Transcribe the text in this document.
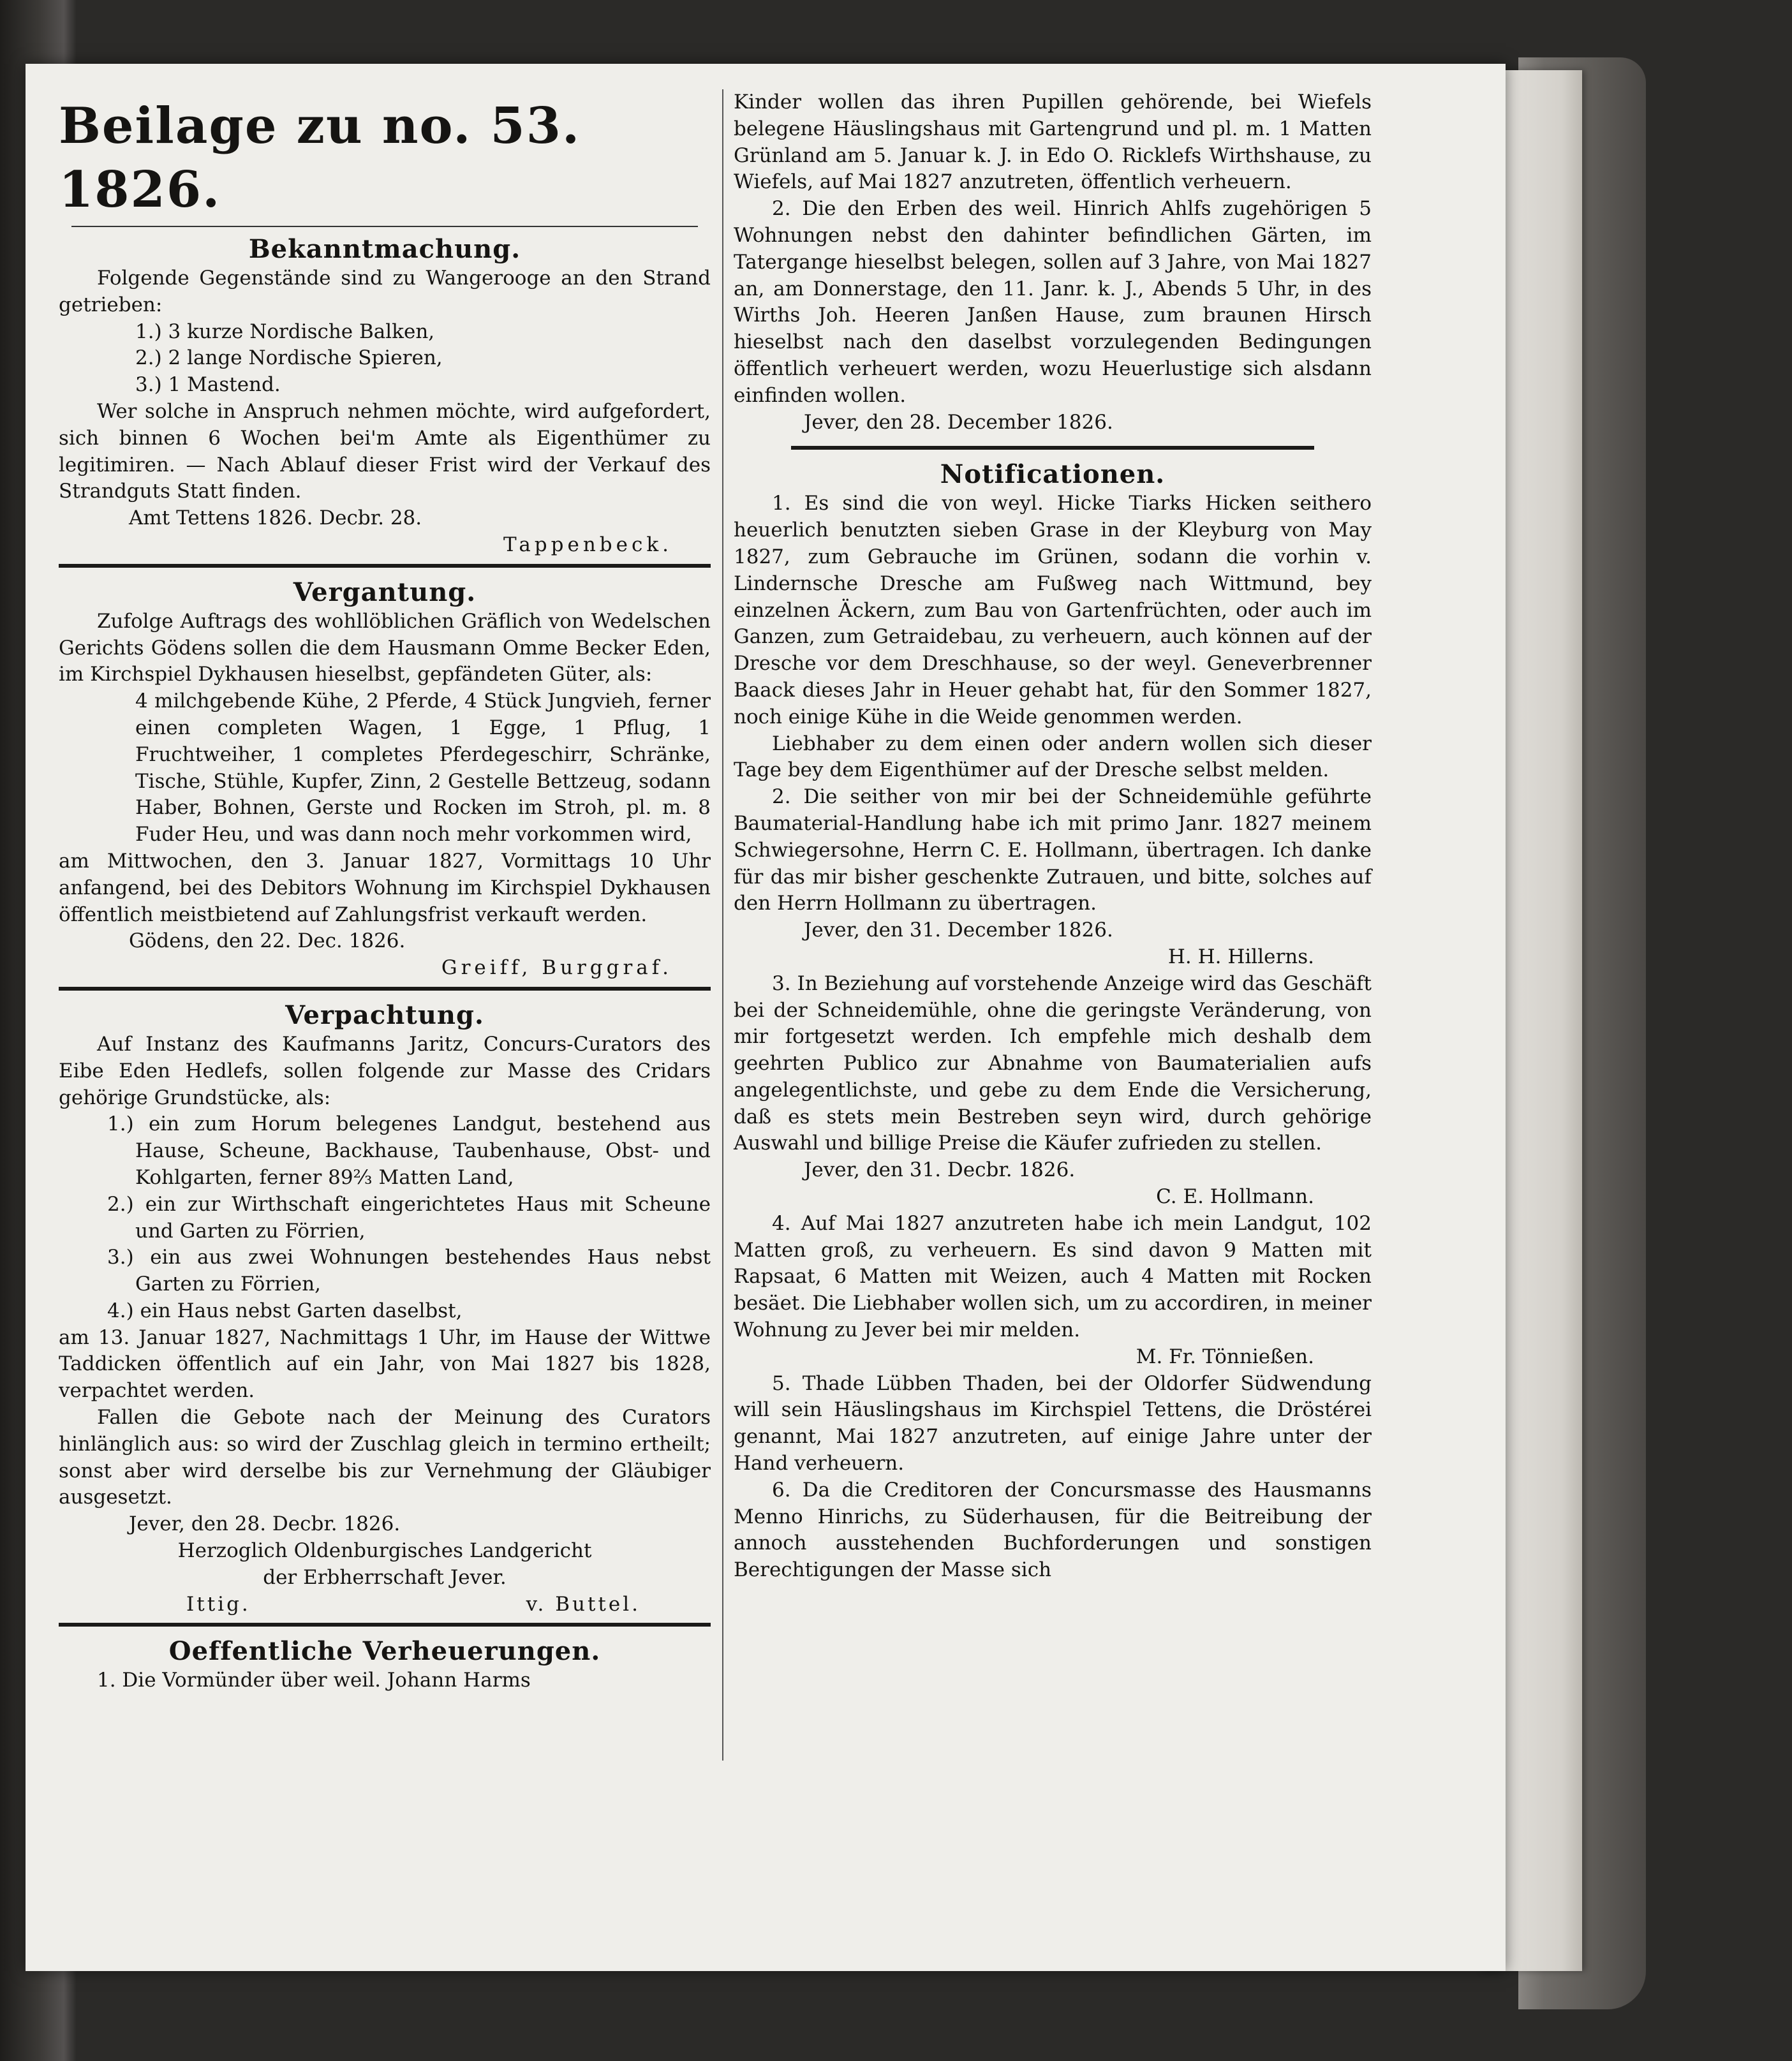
Beilage zu no. 53. 1826.
Bekanntmachung.

Folgende Gegenstände sind zu Wangerooge an den Strand getrieben:

1.) 3 kurze Nordische Balken,

2.) 2 lange Nordische Spieren,

3.) 1 Mastend.

Wer solche in Anspruch nehmen möchte, wird aufgefordert, sich binnen 6 Wochen bei'm Amte als Eigenthümer zu legitimiren. — Nach Ablauf dieser Frist wird der Verkauf des Strandguts Statt finden.

Amt Tettens 1826. Decbr. 28.

Tappenbeck.

Vergantung.

Zufolge Auftrags des wohllöblichen Gräflich von Wedelschen Gerichts Gödens sollen die dem Hausmann Omme Becker Eden, im Kirchspiel Dykhausen hieselbst, gepfändeten Güter, als:

4 milchgebende Kühe, 2 Pferde, 4 Stück Jungvieh, ferner einen completen Wagen, 1 Egge, 1 Pflug, 1 Fruchtweiher, 1 completes Pferdegeschirr, Schränke, Tische, Stühle, Kupfer, Zinn, 2 Gestelle Bettzeug, sodann Haber, Bohnen, Gerste und Rocken im Stroh, pl. m. 8 Fuder Heu, und was dann noch mehr vorkommen wird,

am Mittwochen, den 3. Januar 1827, Vormittags 10 Uhr anfangend, bei des Debitors Wohnung im Kirchspiel Dykhausen öffentlich meistbietend auf Zahlungsfrist verkauft werden.

Gödens, den 22. Dec. 1826.

Greiff, Burggraf.

Verpachtung.

Auf Instanz des Kaufmanns Jaritz, Concurs-Curators des Eibe Eden Hedlefs, sollen folgende zur Masse des Cridars gehörige Grundstücke, als:

1.) ein zum Horum belegenes Landgut, bestehend aus Hause, Scheune, Backhause, Taubenhause, Obst- und Kohlgarten, ferner 89⅔ Matten Land,

2.) ein zur Wirthschaft eingerichtetes Haus mit Scheune und Garten zu Förrien,

3.) ein aus zwei Wohnungen bestehendes Haus nebst Garten zu Förrien,

4.) ein Haus nebst Garten daselbst,

am 13. Januar 1827, Nachmittags 1 Uhr, im Hause der Wittwe Taddicken öffentlich auf ein Jahr, von Mai 1827 bis 1828, verpachtet werden.

Fallen die Gebote nach der Meinung des Curators hinlänglich aus: so wird der Zuschlag gleich in termino ertheilt; sonst aber wird derselbe bis zur Vernehmung der Gläubiger ausgesetzt.

Jever, den 28. Decbr. 1826.

Herzoglich Oldenburgisches Landgericht

der Erbherrschaft Jever.

Ittig.	v. Buttel.
Oeffentliche Verheuerungen.

1. Die Vormünder über weil. Johann Harms

Kinder wollen das ihren Pupillen gehörende, bei Wiefels belegene Häuslingshaus mit Gartengrund und pl. m. 1 Matten Grünland am 5. Januar k. J. in Edo O. Ricklefs Wirthshause, zu Wiefels, auf Mai 1827 anzutreten, öffentlich verheuern.

2. Die den Erben des weil. Hinrich Ahlfs zugehörigen 5 Wohnungen nebst den dahinter befindlichen Gärten, im Tatergange hieselbst belegen, sollen auf 3 Jahre, von Mai 1827 an, am Donnerstage, den 11. Janr. k. J., Abends 5 Uhr, in des Wirths Joh. Heeren Janßen Hause, zum braunen Hirsch hieselbst nach den daselbst vorzulegenden Bedingungen öffentlich verheuert werden, wozu Heuerlustige sich alsdann einfinden wollen.

Jever, den 28. December 1826.

Notificationen.

1. Es sind die von weyl. Hicke Tiarks Hicken seithero heuerlich benutzten sieben Grase in der Kleyburg von May 1827, zum Gebrauche im Grünen, sodann die vorhin v. Lindernsche Dresche am Fußweg nach Wittmund, bey einzelnen Äckern, zum Bau von Gartenfrüchten, oder auch im Ganzen, zum Getraidebau, zu verheuern, auch können auf der Dresche vor dem Dreschhause, so der weyl. Geneverbrenner Baack dieses Jahr in Heuer gehabt hat, für den Sommer 1827, noch einige Kühe in die Weide genommen werden.

Liebhaber zu dem einen oder andern wollen sich dieser Tage bey dem Eigenthümer auf der Dresche selbst melden.

2. Die seither von mir bei der Schneidemühle geführte Baumaterial-Handlung habe ich mit primo Janr. 1827 meinem Schwiegersohne, Herrn C. E. Hollmann, übertragen. Ich danke für das mir bisher geschenkte Zutrauen, und bitte, solches auf den Herrn Hollmann zu übertragen.

Jever, den 31. December 1826.

H. H. Hillerns.

3. In Beziehung auf vorstehende Anzeige wird das Geschäft bei der Schneidemühle, ohne die geringste Veränderung, von mir fortgesetzt werden. Ich empfehle mich deshalb dem geehrten Publico zur Abnahme von Baumaterialien aufs angelegentlichste, und gebe zu dem Ende die Versicherung, daß es stets mein Bestreben seyn wird, durch gehörige Auswahl und billige Preise die Käufer zufrieden zu stellen.

Jever, den 31. Decbr. 1826.

C. E. Hollmann.

4. Auf Mai 1827 anzutreten habe ich mein Landgut, 102 Matten groß, zu verheuern. Es sind davon 9 Matten mit Rapsaat, 6 Matten mit Weizen, auch 4 Matten mit Rocken besäet. Die Liebhaber wollen sich, um zu accordiren, in meiner Wohnung zu Jever bei mir melden.

M. Fr. Tönnießen.

5. Thade Lübben Thaden, bei der Oldorfer Südwendung will sein Häuslingshaus im Kirchspiel Tettens, die Dröstérei genannt, Mai 1827 anzutreten, auf einige Jahre unter der Hand verheuern.

6. Da die Creditoren der Concursmasse des Hausmanns Menno Hinrichs, zu Süderhausen, für die Beitreibung der annoch ausstehenden Buchforderungen und sonstigen Berechtigungen der Masse sich
